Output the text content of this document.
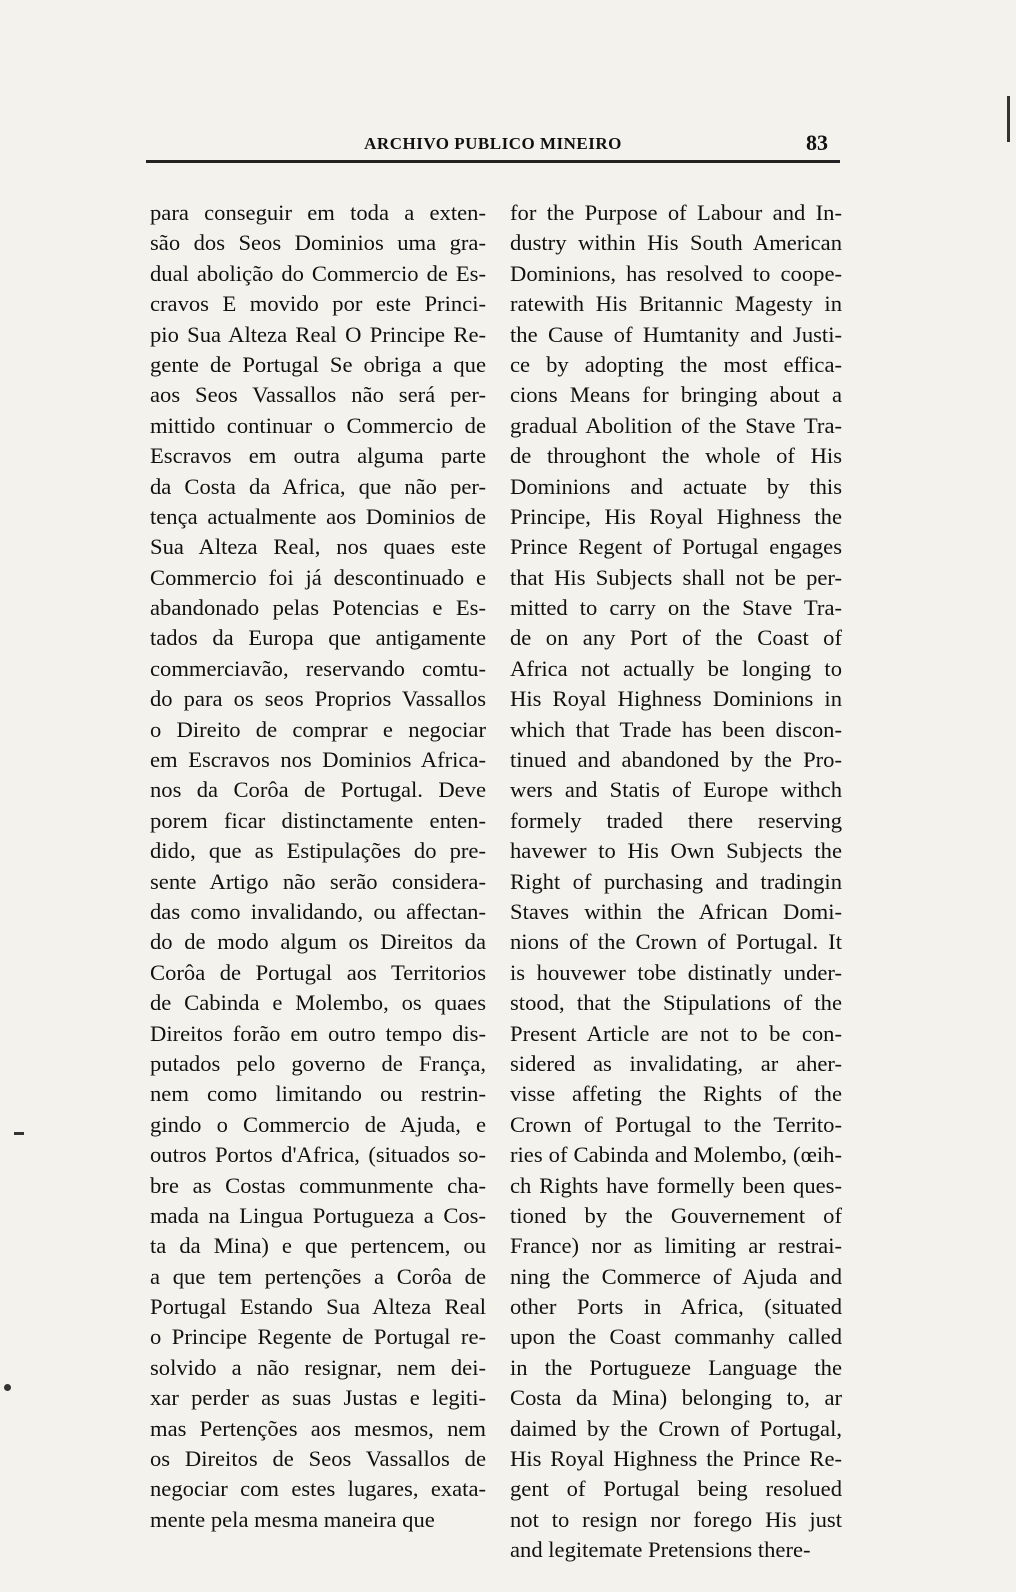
ARCHIVO PUBLICO MINEIRO	83
para conseguir em toda a exten-
são dos Seos Dominios uma gra-
dual abolição do Commercio de Es-
cravos E movido por este Princi-
pio Sua Alteza Real O Principe Re-
gente de Portugal Se obriga a que
aos Seos Vassallos não será per-
mittido continuar o Commercio de
Escravos em outra alguma parte
da Costa da Africa, que não per-
tença actualmente aos Dominios de
Sua Alteza Real, nos quaes este
Commercio foi já descontinuado e
abandonado pelas Potencias e Es-
tados da Europa que antigamente
commerciavão, reservando comtu-
do para os seos Proprios Vassallos
o Direito de comprar e negociar
em Escravos nos Dominios Africa-
nos da Corôa de Portugal. Deve
porem ficar distinctamente enten-
dido, que as Estipulações do pre-
sente Artigo não serão considera-
das como invalidando, ou affectan-
do de modo algum os Direitos da
Corôa de Portugal aos Territorios
de Cabinda e Molembo, os quaes
Direitos forão em outro tempo dis-
putados pelo governo de França,
nem como limitando ou restrin-
gindo o Commercio de Ajuda, e
outros Portos d'Africa, (situados so-
bre as Costas communmente cha-
mada na Lingua Portugueza a Cos-
ta da Mina) e que pertencem, ou
a que tem pertenções a Corôa de
Portugal Estando Sua Alteza Real
o Principe Regente de Portugal re-
solvido a não resignar, nem dei-
xar perder as suas Justas e legiti-
mas Pertenções aos mesmos, nem
os Direitos de Seos Vassallos de
negociar com estes lugares, exata-
mente pela mesma maneira que
for the Purpose of Labour and In-
dustry within His South American
Dominions, has resolved to coope-
ratewith His Britannic Magesty in
the Cause of Humtanity and Justi-
ce by adopting the most effica-
cions Means for bringing about a
gradual Abolition of the Stave Tra-
de throughont the whole of His
Dominions and actuate by this
Principe, His Royal Highness the
Prince Regent of Portugal engages
that His Subjects shall not be per-
mitted to carry on the Stave Tra-
de on any Port of the Coast of
Africa not actually be longing to
His Royal Highness Dominions in
which that Trade has been discon-
tinued and abandoned by the Pro-
wers and Statis of Europe withch
formely traded there reserving
havewer to His Own Subjects the
Right of purchasing and tradingin
Staves within the African Domi-
nions of the Crown of Portugal. It
is houvewer tobe distinatly under-
stood, that the Stipulations of the
Present Article are not to be con-
sidered as invalidating, ar aher-
visse affeting the Rights of the
Crown of Portugal to the Territo-
ries of Cabinda and Molembo, (œih-
ch Rights have formelly been ques-
tioned by the Gouvernement of
France) nor as limiting ar restrai-
ning the Commerce of Ajuda and
other Ports in Africa, (situated
upon the Coast commanhy called
in the Portugueze Language the
Costa da Mina) belonging to, ar
daimed by the Crown of Portugal,
His Royal Highness the Prince Re-
gent of Portugal being resolued
not to resign nor forego His just
and legitemate Pretensions there-
